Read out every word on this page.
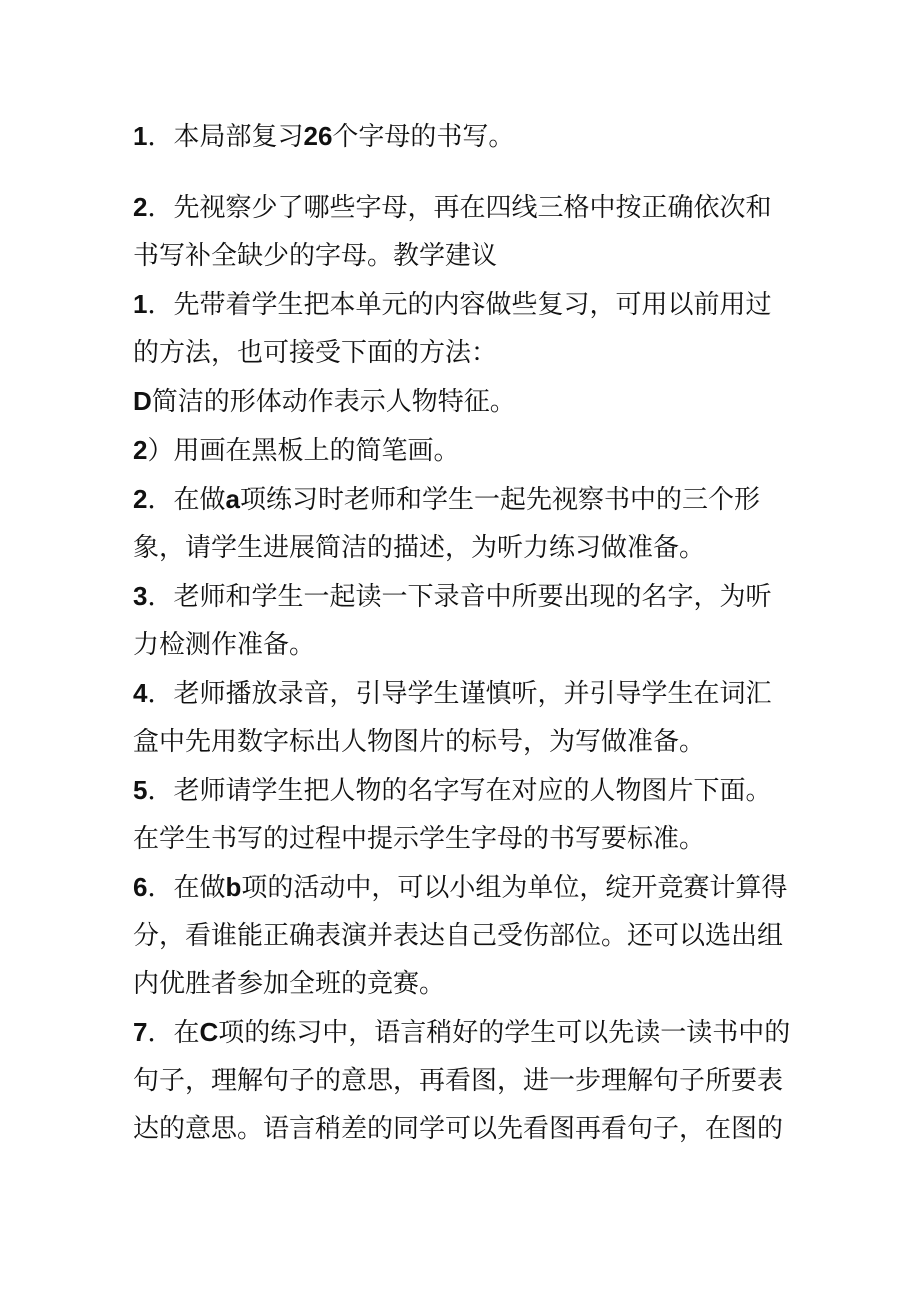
1．本局部复习26个字母的书写。

2．先视察少了哪些字母，再在四线三格中按正确依次和书写补全缺少的字母。教学建议

1．先带着学生把本单元的内容做些复习，可用以前用过的方法，也可接受下面的方法：

D简洁的形体动作表示人物特征。

2）用画在黑板上的简笔画。

2．在做a项练习时老师和学生一起先视察书中的三个形象，请学生进展简洁的描述，为听力练习做准备。

3．老师和学生一起读一下录音中所要出现的名字，为听力检测作准备。

4．老师播放录音，引导学生谨慎听，并引导学生在词汇盒中先用数字标出人物图片的标号，为写做准备。

5．老师请学生把人物的名字写在对应的人物图片下面。在学生书写的过程中提示学生字母的书写要标准。

6．在做b项的活动中，可以小组为单位，绽开竞赛计算得分，看谁能正确表演并表达自己受伤部位。还可以选出组内优胜者参加全班的竞赛。

7．在C项的练习中，语言稍好的学生可以先读一读书中的句子，理解句子的意思，再看图，进一步理解句子所要表达的意思。语言稍差的同学可以先看图再看句子，在图的
